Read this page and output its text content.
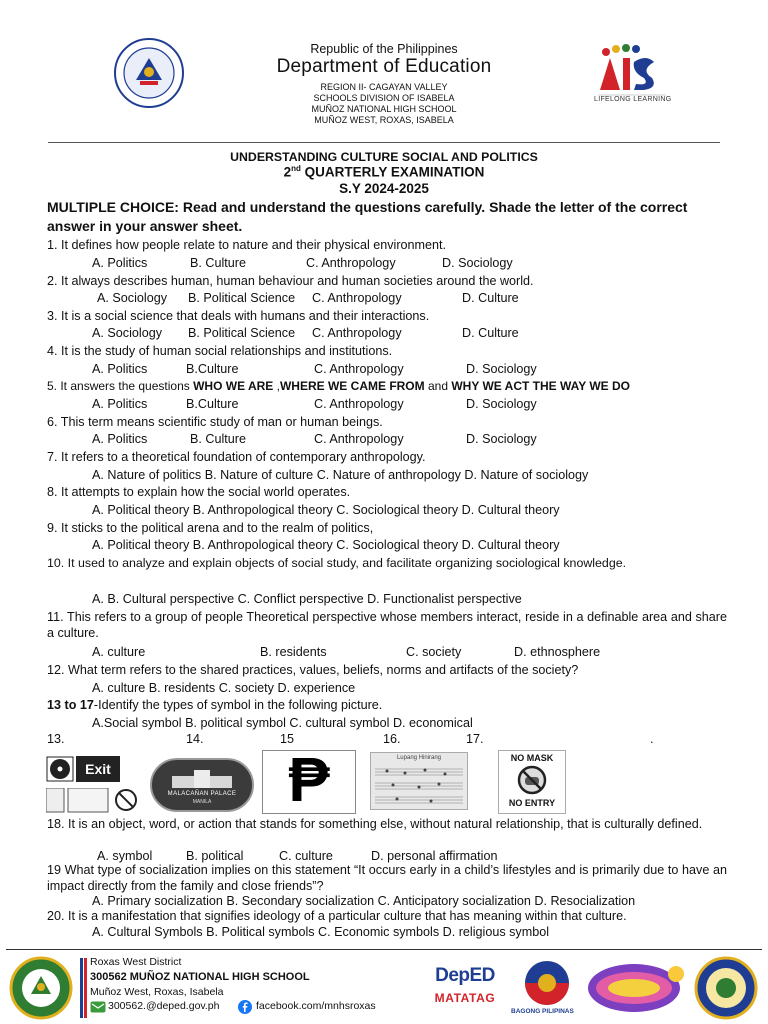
Republic of the Philippines
Department of Education
REGION II- CAGAYAN VALLEY
SCHOOLS DIVISION OF ISABELA
MUÑOZ NATIONAL HIGH SCHOOL
MUÑOZ WEST, ROXAS, ISABELA
LIFELONG LEARNING
UNDERSTANDING CULTURE SOCIAL AND POLITICS
2nd QUARTERLY EXAMINATION
S.Y 2024-2025
MULTIPLE CHOICE: Read and understand the questions carefully. Shade the letter of the correct answer in your answer sheet.
1. It defines how people relate to nature and their physical environment.
A. Politics	B. Culture	C. Anthropology	D. Sociology
2. It always describes human, human behaviour and human societies around the world.
A. Sociology B. Political Science C. Anthropology	D. Culture
3. It is a social science that deals with humans and their interactions.
A. Sociology B. Political Science C. Anthropology	D. Culture
4. It is the study of human social relationships and institutions.
A. Politics	B.Culture	C. Anthropology	D. Sociology
5. It answers the questions WHO WE ARE ,WHERE WE CAME FROM and WHY WE ACT THE WAY WE DO
A. Politics	B.Culture	C. Anthropology	D. Sociology
6. This term means scientific study of man or human beings.
A. Politics	B. Culture	C. Anthropology	D. Sociology
7. It refers to a theoretical foundation of contemporary anthropology.
A. Nature of politics B. Nature of culture C. Nature of anthropology D. Nature of sociology
8. It attempts to explain how the social world operates.
A. Political theory B. Anthropological theory C. Sociological theory D. Cultural theory
9. It sticks to the political arena and to the realm of politics,
A. Political theory B. Anthropological theory C. Sociological theory D. Cultural theory
10. It used to analyze and explain objects of social study, and facilitate organizing sociological knowledge.
A. B. Cultural perspective C. Conflict perspective D. Functionalist perspective
11. This refers to a group of people Theoretical perspective whose members interact, reside in a definable area and share a culture.
A. culture	B. residents	C. society	D. ethnosphere
12. What term refers to the shared practices, values, beliefs, norms and artifacts of the society?
A. culture B. residents C. society D. experience
13 to 17-Identify the types of symbol in the following picture.
A.Social symbol B. political symbol C. cultural symbol D. economical
13.	14.	15	16.	17.	.
Exit
MALACAÑAN PALACE
MANILA	₱	Lupang Hinirang	NO MASK
NO ENTRY
18. It is an object, word, or action that stands for something else, without natural relationship, that is culturally defined.
A. symbol	B. political	C. culture	D. personal affirmation
19 What type of socialization implies on this statement “It occurs early in a child’s lifestyles and is primarily due to have an impact directly from the family and close friends”?
A. Primary socialization B. Secondary socialization C. Anticipatory socialization D. Resocialization
20. It is a manifestation that signifies ideology of a particular culture that has meaning within that culture.
A. Cultural Symbols B. Political symbols C. Economic symbols D. religious symbol
Roxas West District
300562 MUÑOZ NATIONAL HIGH SCHOOL
Muñoz West, Roxas, Isabela
300562.@deped.gov.ph	facebook.com/mnhsroxas
DepED
MATATAG
BAGONG PILIPINAS
